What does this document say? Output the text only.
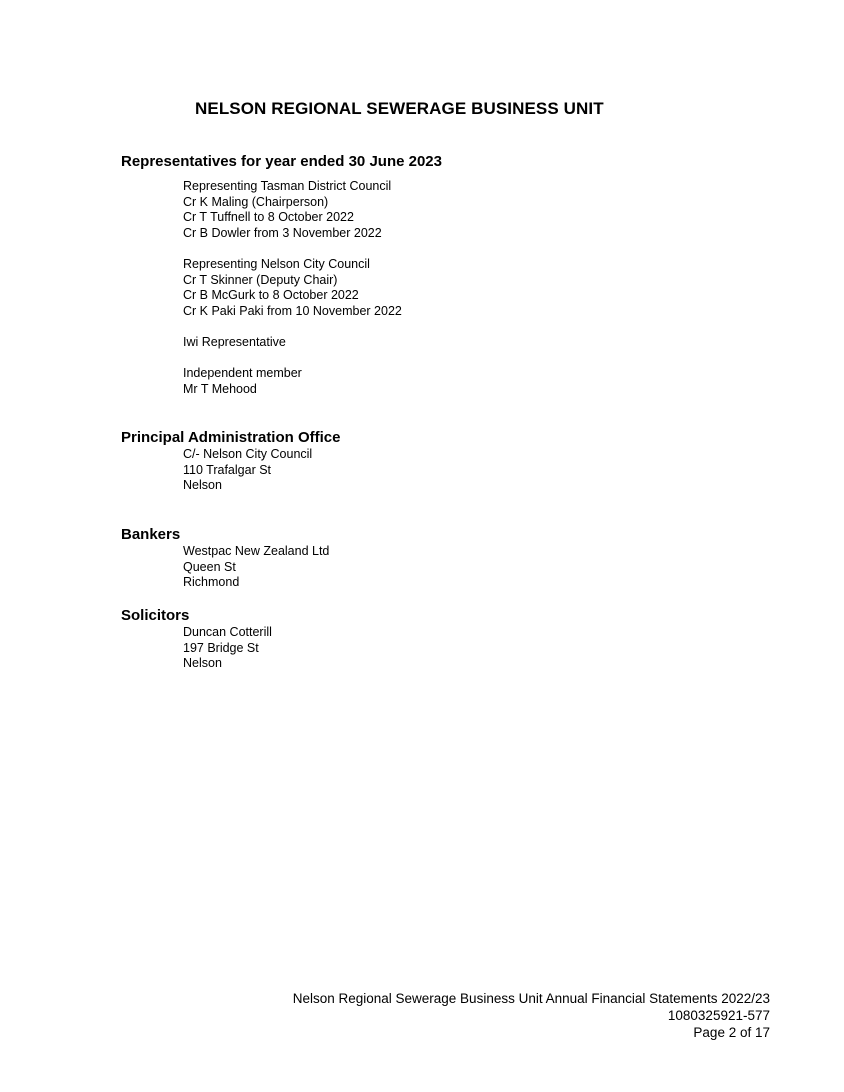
NELSON REGIONAL SEWERAGE BUSINESS UNIT
Representatives for year ended 30 June 2023
Representing Tasman District Council
Cr K Maling (Chairperson)
Cr T Tuffnell to 8 October 2022
Cr B Dowler from 3 November 2022
Representing Nelson City Council
Cr T Skinner (Deputy Chair)
Cr B McGurk to 8 October 2022
Cr K Paki Paki from 10 November 2022
Iwi Representative
Independent member
Mr T Mehood
Principal Administration Office
C/- Nelson City Council
110 Trafalgar St
Nelson
Bankers
Westpac New Zealand Ltd
Queen St
Richmond
Solicitors
Duncan Cotterill
197 Bridge St
Nelson
Nelson Regional Sewerage Business Unit Annual Financial Statements 2022/23
1080325921-577
Page 2 of 17
